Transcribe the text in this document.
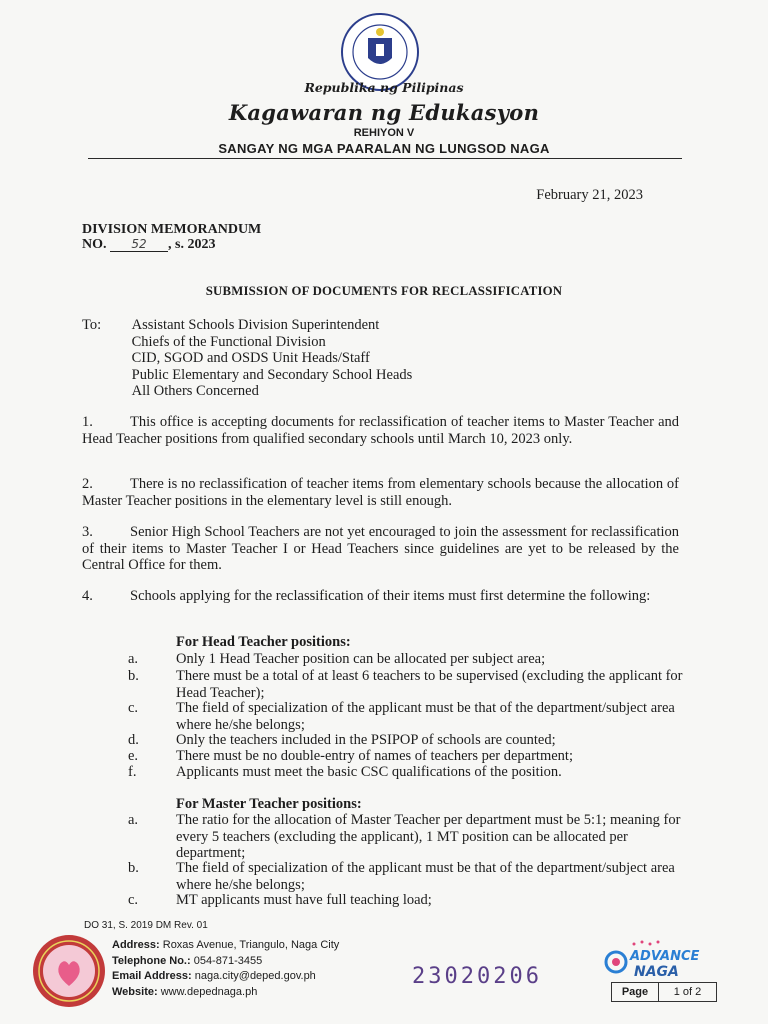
Republika ng Pilipinas
Kagawaran ng Edukasyon
REHIYON V
SANGAY NG MGA PAARALAN NG LUNGSOD NAGA
February 21, 2023
DIVISION MEMORANDUM
NO. 52 , s. 2023
SUBMISSION OF DOCUMENTS FOR RECLASSIFICATION
To: Assistant Schools Division Superintendent
Chiefs of the Functional Division
CID, SGOD and OSDS Unit Heads/Staff
Public Elementary and Secondary School Heads
All Others Concerned
1.	This office is accepting documents for reclassification of teacher items to Master Teacher and Head Teacher positions from qualified secondary schools until March 10, 2023 only.
2.	There is no reclassification of teacher items from elementary schools because the allocation of Master Teacher positions in the elementary level is still enough.
3.	Senior High School Teachers are not yet encouraged to join the assessment for reclassification of their items to Master Teacher I or Head Teachers since guidelines are yet to be released by the Central Office for them.
4.	Schools applying for the reclassification of their items must first determine the following:
For Head Teacher positions:
a.	Only 1 Head Teacher position can be allocated per subject area;
b.	There must be a total of at least 6 teachers to be supervised (excluding the applicant for Head Teacher);
c.	The field of specialization of the applicant must be that of the department/subject area where he/she belongs;
d.	Only the teachers included in the PSIPOP of schools are counted;
e.	There must be no double-entry of names of teachers per department;
f.	Applicants must meet the basic CSC qualifications of the position.
For Master Teacher positions:
a.	The ratio for the allocation of Master Teacher per department must be 5:1; meaning for every 5 teachers (excluding the applicant), 1 MT position can be allocated per department;
b.	The field of specialization of the applicant must be that of the department/subject area where he/she belongs;
c.	MT applicants must have full teaching load;
DO 31, S. 2019 DM Rev. 01
Address: Roxas Avenue, Triangulo, Naga City
Telephone No.: 054-871-3455
Email Address: naga.city@deped.gov.ph
Website: www.depednaga.ph
23020206
ADVANCE
NAGA
Page	1 of 2
